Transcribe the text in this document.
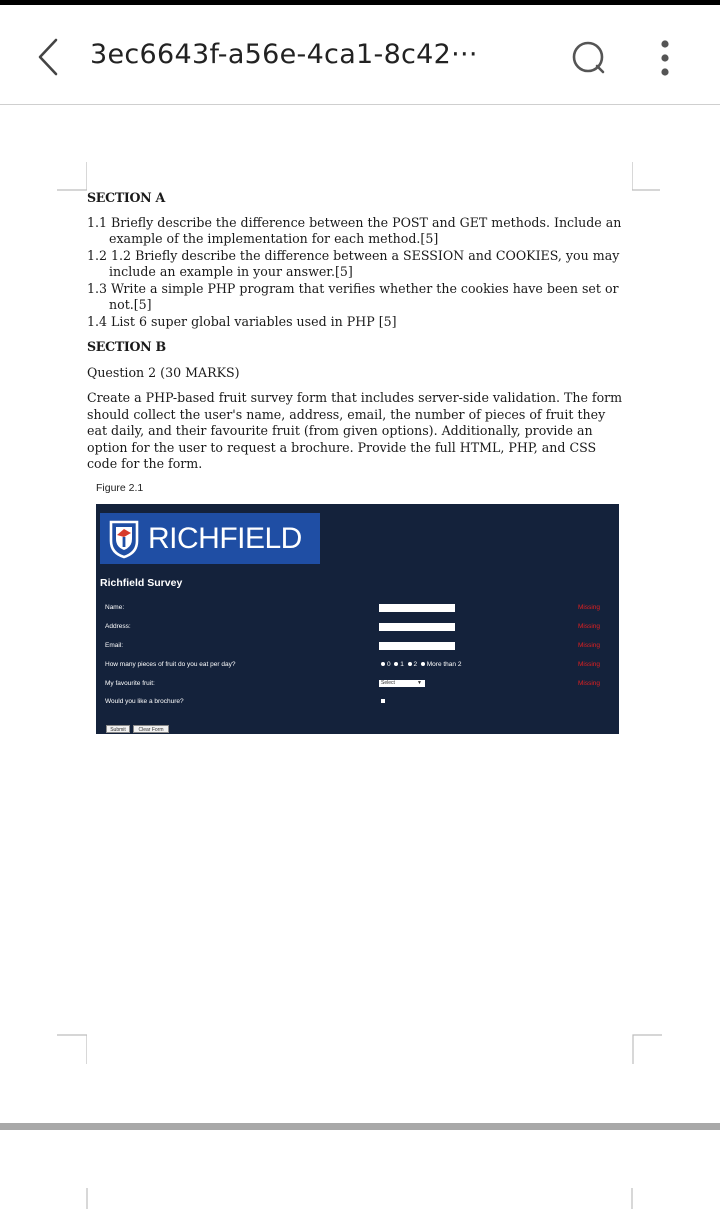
3ec6643f-a56e-4ca1-8c42···
SECTION A
1.1 Briefly describe the difference between the POST and GET methods. Include an example of the implementation for each method.[5]
1.2 1.2 Briefly describe the difference between a SESSION and COOKIES, you may include an example in your answer.[5]
1.3 Write a simple PHP program that verifies whether the cookies have been set or not.[5]
1.4 List 6 super global variables used in PHP [5]
SECTION B
Question 2 (30 MARKS)
Create a PHP-based fruit survey form that includes server-side validation. The form should collect the user's name, address, email, the number of pieces of fruit they eat daily, and their favourite fruit (from given options). Additionally, provide an option for the user to request a brochure. Provide the full HTML, PHP, and CSS code for the form.
Figure 2.1
RICHFIELD
Richfield Survey
Name:	Missing
Address:	Missing
Email:	Missing
How many pieces of fruit do you eat per day?	0 1 2 More than 2	Missing
My favourite fruit:	Select	▼	Missing
Would you like a brochure?
Submit	Clear Form
